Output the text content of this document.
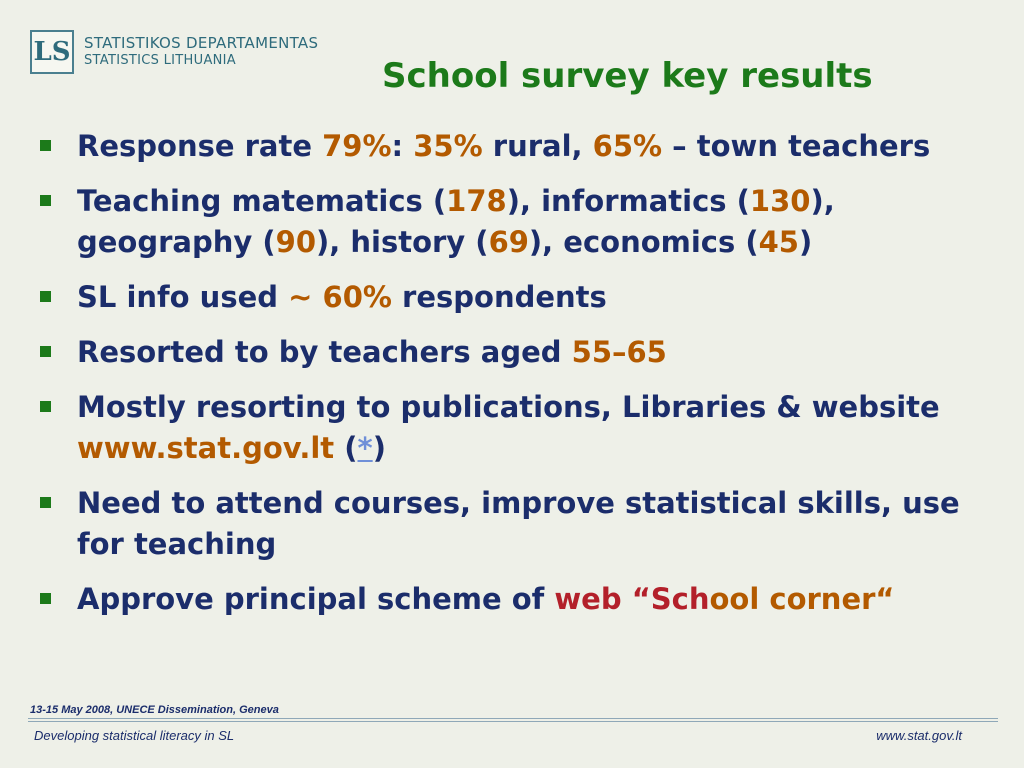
LS STATISTIKOS DEPARTAMENTAS
STATISTICS LITHUANIA	School survey key results
Response rate 79%: 35% rural, 65% – town teachers
Teaching matematics (178), informatics (130), geography (90), history (69), economics (45)
SL info used ~ 60% respondents
Resorted to by teachers aged 55–65
Mostly resorting to publications, Libraries & website www.stat.gov.lt (*)
Need to attend courses, improve statistical skills, use for teaching
Approve principal scheme of web “School corner“
13-15 May 2008, UNECE Dissemination, Geneva
Developing statistical literacy in SL	www.stat.gov.lt
